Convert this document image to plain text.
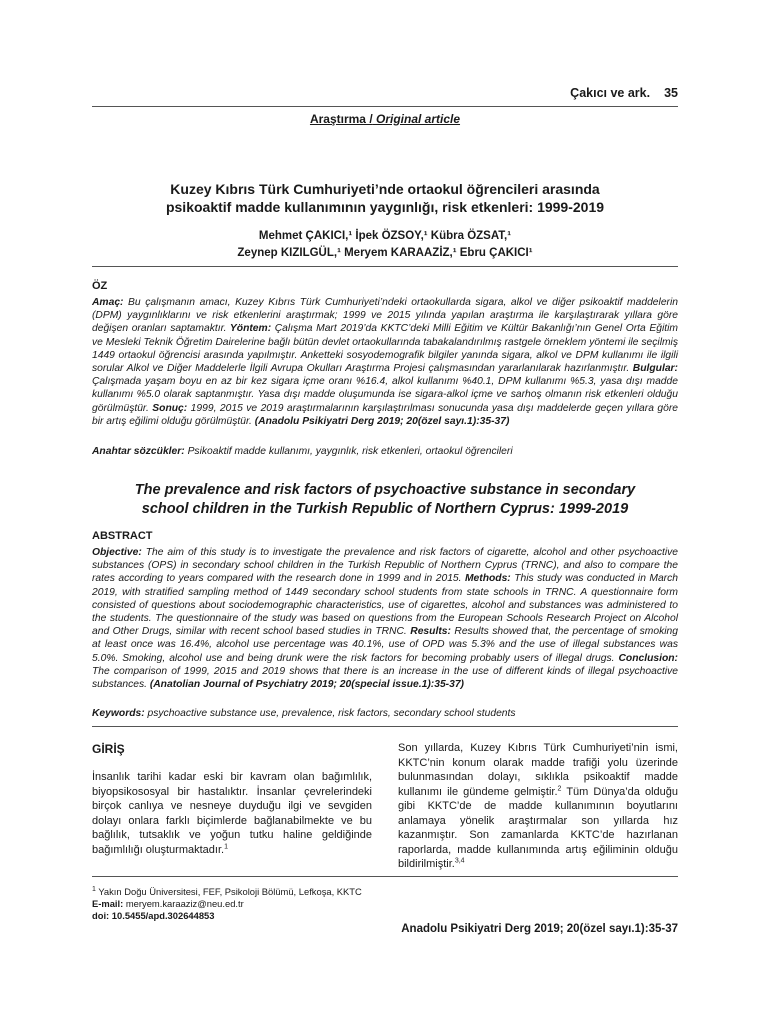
Çakıcı ve ark. 35
Araştırma / Original article
Kuzey Kıbrıs Türk Cumhuriyeti’nde ortaokul öğrencileri arasında
psikoaktif madde kullanımının yaygınlığı, risk etkenleri: 1999-2019
Mehmet ÇAKICI,¹ İpek ÖZSOY,¹ Kübra ÖZSAT,¹
Zeynep KIZILGÜL,¹ Meryem KARAAZİZ,¹ Ebru ÇAKICI¹
ÖZ
Amaç: Bu çalışmanın amacı, Kuzey Kıbrıs Türk Cumhuriyeti’ndeki ortaokullarda sigara, alkol ve diğer psikoaktif maddelerin (DPM) yaygınlıklarını ve risk etkenlerini araştırmak; 1999 ve 2015 yılında yapılan araştırma ile karşılaştırarak yıllara göre değişen oranları saptamaktır. Yöntem: Çalışma Mart 2019’da KKTC’deki Milli Eğitim ve Kültür Bakanlığı’nın Genel Orta Eğitim ve Mesleki Teknik Öğretim Dairelerine bağlı bütün devlet ortaokullarında tabakalandırılmış rastgele örneklem yöntemi ile seçilmiş 1449 ortaokul öğrencisi arasında yapılmıştır. Anketteki sosyodemografik bilgiler yanında sigara, alkol ve DPM kullanımı ile ilgili sorular Alkol ve Diğer Maddelerle İlgili Avrupa Okulları Araştırma Projesi çalışmasından yararlanılarak hazırlanmıştır. Bulgular: Çalışmada yaşam boyu en az bir kez sigara içme oranı %16.4, alkol kullanımı %40.1, DPM kullanımı %5.3, yasa dışı madde kullanımı %5.0 olarak saptanmıştır. Yasa dışı madde oluşumunda ise sigara-alkol içme ve sarhoş olmanın risk etkenleri olduğu görülmüştür. Sonuç: 1999, 2015 ve 2019 araştırmalarının karşılaştırılması sonucunda yasa dışı maddelerde geçen yıllara göre bir artış eğilimi olduğu görülmüştür. (Anadolu Psikiyatri Derg 2019; 20(özel sayı.1):35-37)
Anahtar sözcükler: Psikoaktif madde kullanımı, yaygınlık, risk etkenleri, ortaokul öğrencileri
The prevalence and risk factors of psychoactive substance in secondary
school children in the Turkish Republic of Northern Cyprus: 1999-2019
ABSTRACT
Objective: The aim of this study is to investigate the prevalence and risk factors of cigarette, alcohol and other psychoactive substances (OPS) in secondary school children in the Turkish Republic of Northern Cyprus (TRNC), and also to compare the rates according to years compared with the research done in 1999 and in 2015. Methods: This study was conducted in March 2019, with stratified sampling method of 1449 secondary school students from state schools in TRNC. A questionnaire form consisted of questions about sociodemographic characteristics, use of cigarettes, alcohol and substances was administered to the students. The questionnaire of the study was based on questions from the European Schools Research Project on Alcohol and Other Drugs, similar with recent school based studies in TRNC. Results: Results showed that, the percentage of smoking at least once was 16.4%, alcohol use percentage was 40.1%, use of OPD was 5.3% and the use of illegal substances was 5.0%. Smoking, alcohol use and being drunk were the risk factors for becoming probably users of illegal drugs. Conclusion: The comparison of 1999, 2015 and 2019 shows that there is an increase in the use of different kinds of illegal psychoactive substances. (Anatolian Journal of Psychiatry 2019; 20(special issue.1):35-37)
Keywords: psychoactive substance use, prevalence, risk factors, secondary school students
GİRİŞ
İnsanlık tarihi kadar eski bir kavram olan bağımlılık, biyopsikososyal bir hastalıktır. İnsanlar çevrelerindeki birçok canlıya ve nesneye duyduğu ilgi ve sevgiden dolayı onlara farklı biçimlerde bağlanabilmekte ve bu bağlılık, tutsaklık ve yoğun tutku haline geldiğinde bağımlılığı oluşturmaktadır.$^1$
Son yıllarda, Kuzey Kıbrıs Türk Cumhuriyeti’nin ismi, KKTC’nin konum olarak madde trafiği yolu üzerinde bulunmasından dolayı, sıklıkla psikoaktif madde kullanımı ile gündeme gelmiştir.$^2$ Tüm Dünya’da olduğu gibi KKTC’de de madde kullanımının boyutlarını anlamaya yönelik araştırmalar son yıllarda hız kazanmıştır. Son zamanlarda KKTC’de hazırlanan raporlarda, madde kullanımında artış eğiliminin olduğu bildirilmiştir.$^{3,4}$
$^1$ Yakın Doğu Üniversitesi, FEF, Psikoloji Bölümü, Lefkoşa, KKTC
E-mail: meryem.karaaziz@neu.ed.tr
doi: 10.5455/apd.302644853
Anadolu Psikiyatri Derg 2019; 20(özel sayı.1):35-37
